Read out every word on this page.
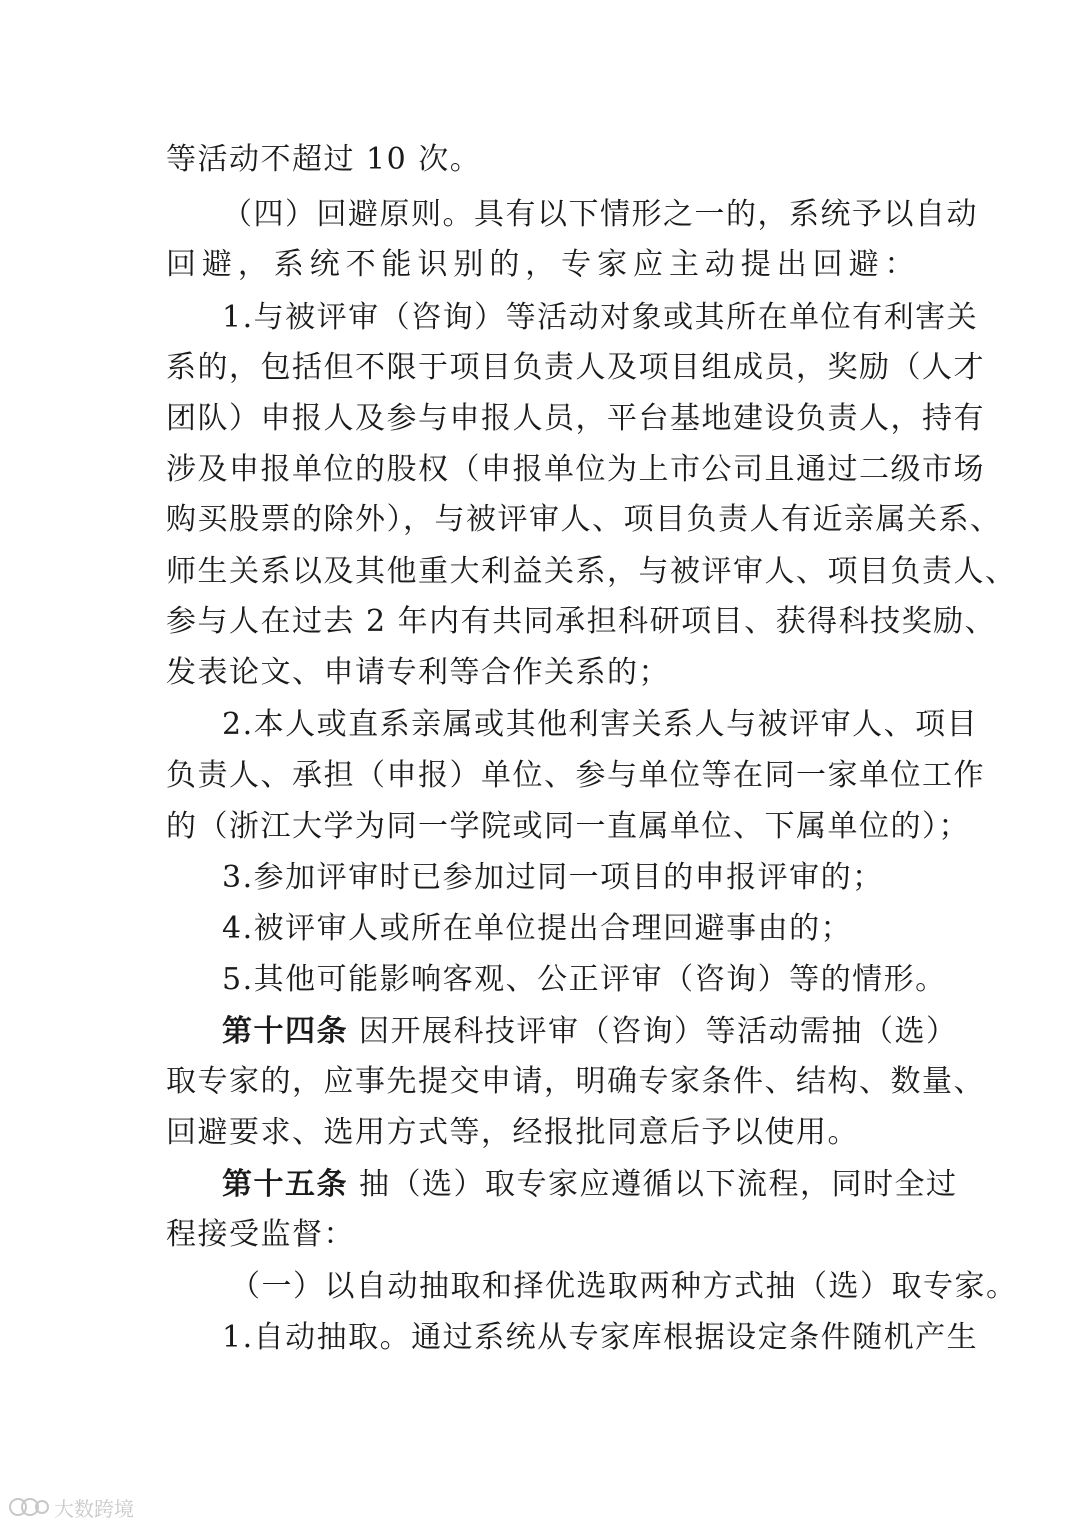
等活动不超过 10 次。
（四）回避原则。具有以下情形之一的，系统予以自动
回避，系统不能识别的，专家应主动提出回避：
1.与被评审（咨询）等活动对象或其所在单位有利害关
系的，包括但不限于项目负责人及项目组成员，奖励（人才
团队）申报人及参与申报人员，平台基地建设负责人，持有
涉及申报单位的股权（申报单位为上市公司且通过二级市场
购买股票的除外），与被评审人、项目负责人有近亲属关系、
师生关系以及其他重大利益关系，与被评审人、项目负责人、
参与人在过去 2 年内有共同承担科研项目、获得科技奖励、
发表论文、申请专利等合作关系的；
2.本人或直系亲属或其他利害关系人与被评审人、项目
负责人、承担（申报）单位、参与单位等在同一家单位工作
的（浙江大学为同一学院或同一直属单位、下属单位的）；
3.参加评审时已参加过同一项目的申报评审的；
4.被评审人或所在单位提出合理回避事由的；
5.其他可能影响客观、公正评审（咨询）等的情形。
第十四条 因开展科技评审（咨询）等活动需抽（选）
取专家的，应事先提交申请，明确专家条件、结构、数量、
回避要求、选用方式等，经报批同意后予以使用。
第十五条 抽（选）取专家应遵循以下流程，同时全过
程接受监督：
（一）以自动抽取和择优选取两种方式抽（选）取专家。
1.自动抽取。通过系统从专家库根据设定条件随机产生
大数跨境
